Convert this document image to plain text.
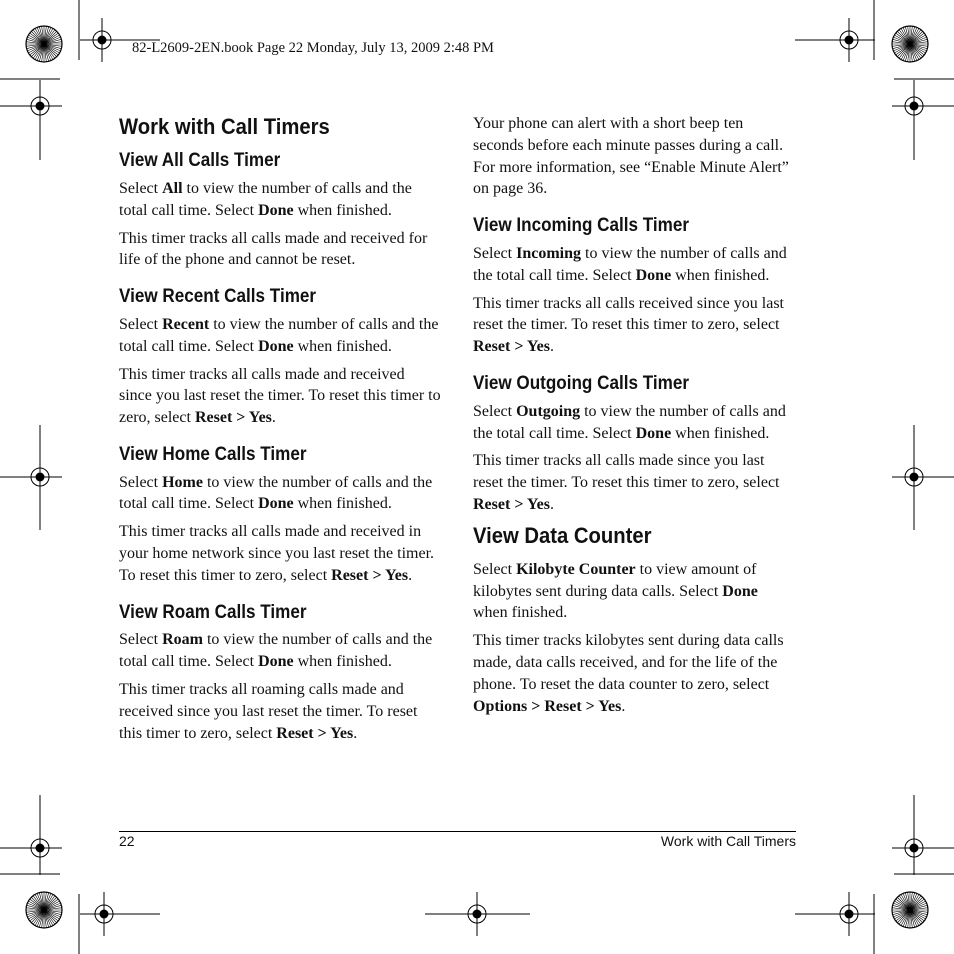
82-L2609-2EN.book Page 22 Monday, July 13, 2009 2:48 PM
Work with Call Timers
View All Calls Timer

Select All to view the number of calls and the total call time. Select Done when finished.

This timer tracks all calls made and received for life of the phone and cannot be reset.

View Recent Calls Timer

Select Recent to view the number of calls and the total call time. Select Done when finished.

This timer tracks all calls made and received since you last reset the timer. To reset this timer to zero, select Reset > Yes.

View Home Calls Timer

Select Home to view the number of calls and the total call time. Select Done when finished.

This timer tracks all calls made and received in your home network since you last reset the timer. To reset this timer to zero, select Reset > Yes.

View Roam Calls Timer

Select Roam to view the number of calls and the total call time. Select Done when finished.

This timer tracks all roaming calls made and received since you last reset the timer. To reset this timer to zero, select Reset > Yes.

Your phone can alert with a short beep ten seconds before each minute passes during a call. For more information, see “Enable Minute Alert” on page 36.

View Incoming Calls Timer

Select Incoming to view the number of calls and the total call time. Select Done when finished.

This timer tracks all calls received since you last reset the timer. To reset this timer to zero, select Reset > Yes.

View Outgoing Calls Timer

Select Outgoing to view the number of calls and the total call time. Select Done when finished.

This timer tracks all calls made since you last reset the timer. To reset this timer to zero, select Reset > Yes.

View Data Counter

Select Kilobyte Counter to view amount of kilobytes sent during data calls. Select Done when finished.

This timer tracks kilobytes sent during data calls made, data calls received, and for the life of the phone. To reset the data counter to zero, select Options > Reset > Yes.

22	Work with Call Timers
